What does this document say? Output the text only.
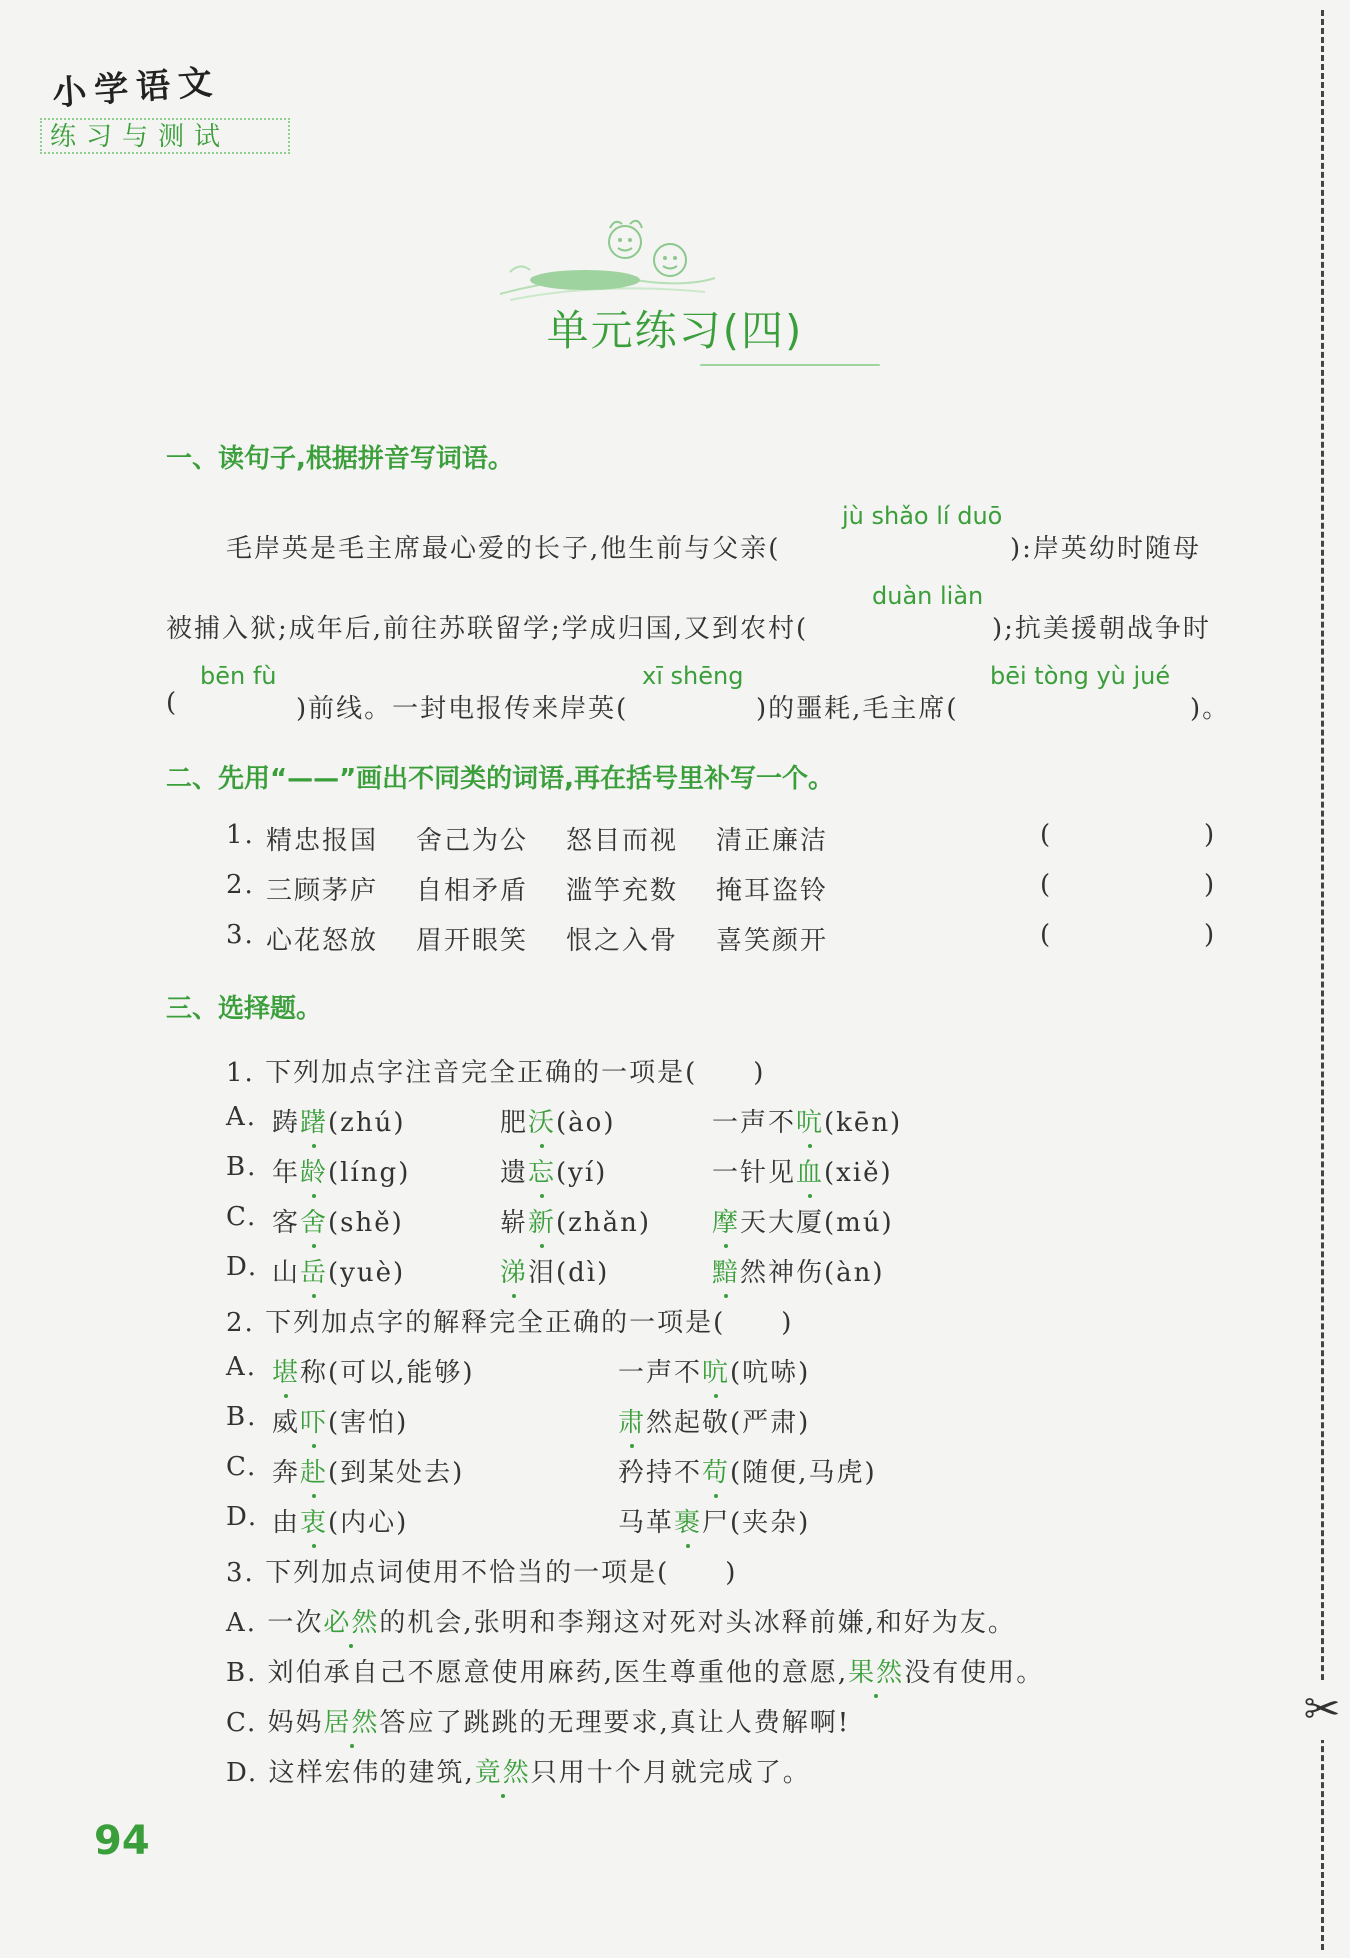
小学语文
练习与测试
单元练习(四)
一、读句子,根据拼音写词语。
jù shǎo lí duō
毛岸英是毛主席最心爱的长子,他生前与父亲(	):岸英幼时随母
duàn liàn
被捕入狱;成年后,前往苏联留学;学成归国,又到农村(	);抗美援朝战争时
bēn fù	xī shēng	bēi tòng yù jué
(	)前线。一封电报传来岸英(	)的噩耗,毛主席(	)。
二、先用“——”画出不同类的词语,再在括号里补写一个。
1. 精忠报国 舍己为公 怒目而视 清正廉洁	(	)
2. 三顾茅庐 自相矛盾 滥竽充数 掩耳盗铃	(	)
3. 心花怒放 眉开眼笑 恨之入骨 喜笑颜开	(	)
三、选择题。
1. 下列加点字注音完全正确的一项是(　　)
A. 踌躇(zhú)	肥沃(ào)	一声不吭(kēn)
B. 年龄(líng)	遗忘(yí)	一针见血(xiě)
C. 客舍(shě)	崭新(zhǎn) 摩天大厦(mú)
D. 山岳(yuè)	涕泪(dì)	黯然神伤(àn)
2. 下列加点字的解释完全正确的一项是(　　)
A. 堪称(可以,能够)	一声不吭(吭哧)
B. 威吓(害怕)	肃然起敬(严肃)
C. 奔赴(到某处去)	矜持不苟(随便,马虎)
D. 由衷(内心)	马革裹尸(夹杂)
3. 下列加点词使用不恰当的一项是(　　)
A. 一次必然的机会,张明和李翔这对死对头冰释前嫌,和好为友。
B. 刘伯承自己不愿意使用麻药,医生尊重他的意愿,果然没有使用。
C. 妈妈居然答应了跳跳的无理要求,真让人费解啊!
D. 这样宏伟的建筑,竟然只用十个月就完成了。
94
✂
